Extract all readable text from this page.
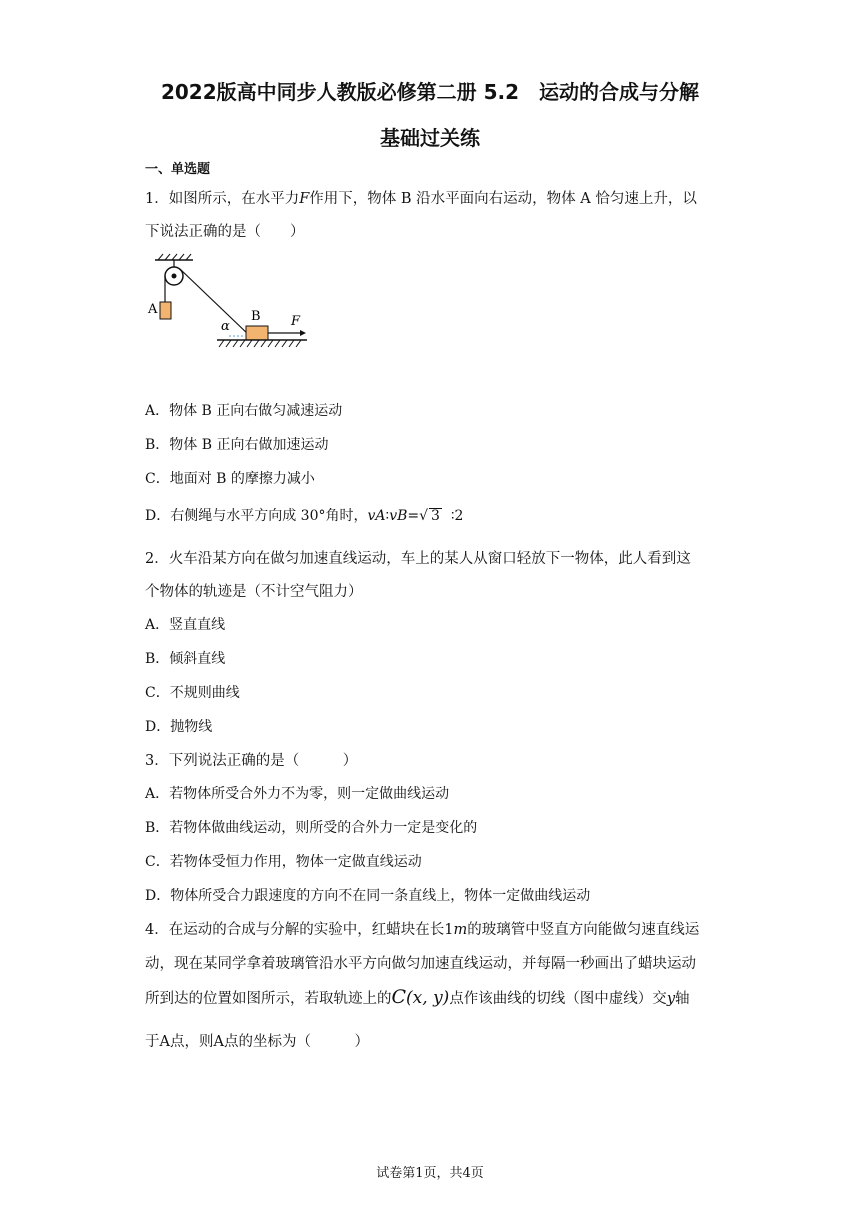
2022版高中同步人教版必修第二册 5.2　运动的合成与分解
基础过关练
一、单选题
1．如图所示，在水平力F作用下，物体 B 沿水平面向右运动，物体 A 恰匀速上升，以
下说法正确的是（　　）
A	B
α	F
A．物体 B 正向右做匀减速运动
B．物体 B 正向右做加速运动
C．地面对 B 的摩擦力减小
D．右侧绳与水平方向成 30°角时，vA∶vB=√ 3 ∶2
2．火车沿某方向在做匀加速直线运动，车上的某人从窗口轻放下一物体，此人看到这
个物体的轨迹是（不计空气阻力）
A．竖直直线
B．倾斜直线
C．不规则曲线
D．抛物线
3．下列说法正确的是（　　　）
A．若物体所受合外力不为零，则一定做曲线运动
B．若物体做曲线运动，则所受的合外力一定是变化的
C．若物体受恒力作用，物体一定做直线运动
D．物体所受合力跟速度的方向不在同一条直线上，物体一定做曲线运动
4．在运动的合成与分解的实验中，红蜡块在长1m的玻璃管中竖直方向能做匀速直线运
动，现在某同学拿着玻璃管沿水平方向做匀加速直线运动，并每隔一秒画出了蜡块运动
所到达的位置如图所示，若取轨迹上的C(x, y)点作该曲线的切线（图中虚线）交y轴
于A点，则A点的坐标为（　　　）
试卷第1页，共4页
